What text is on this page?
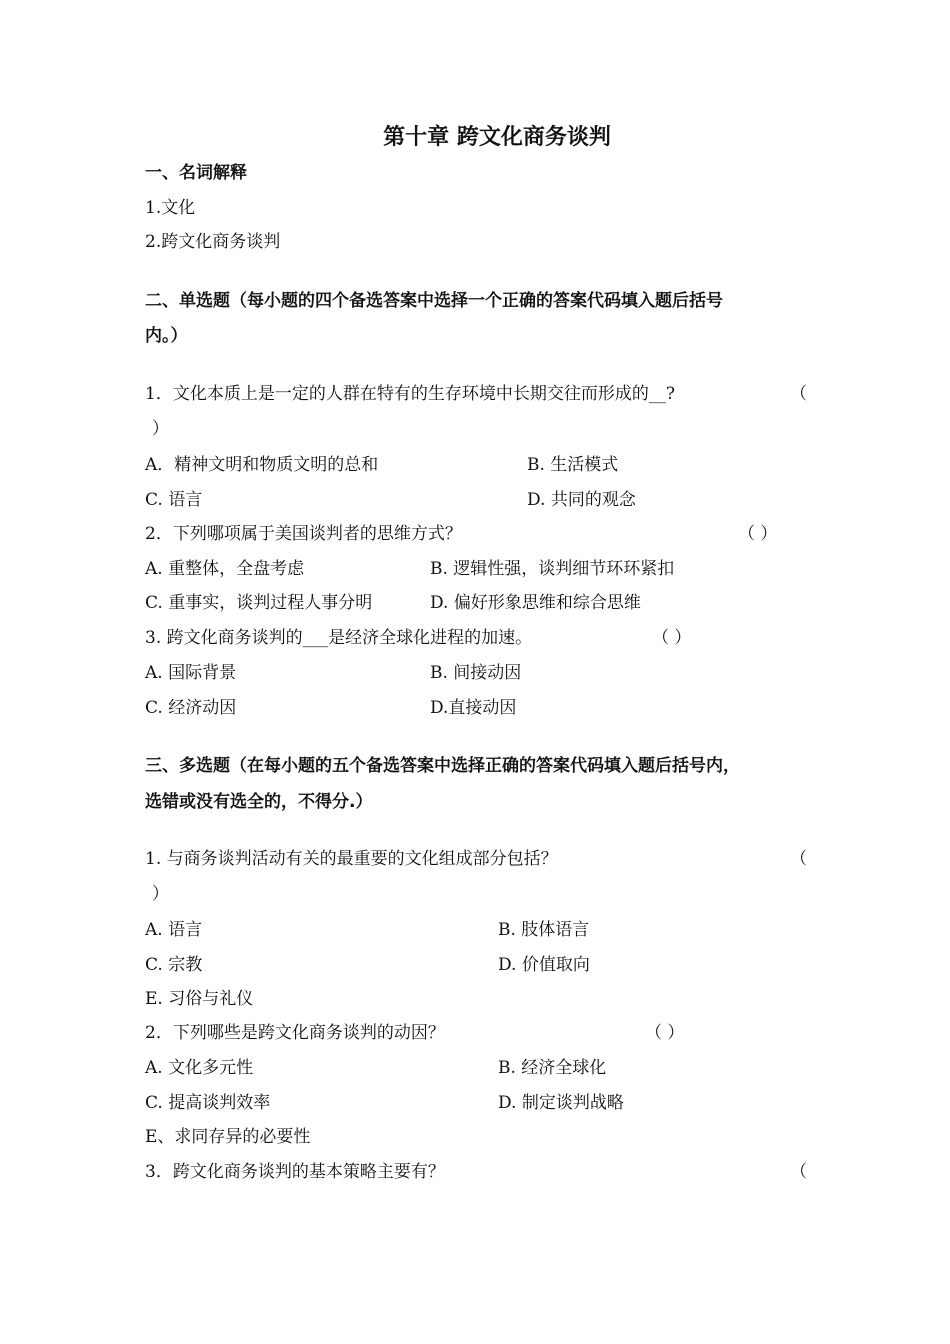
第十章 跨文化商务谈判
一、名词解释
1.文化
2.跨文化商务谈判
二、单选题（每小题的四个备选答案中选择一个正确的答案代码填入题后括号
内。）
1．文化本质上是一定的人群在特有的生存环境中长期交往而形成的__?	（
）
A．精神文明和物质文明的总和	B. 生活模式
C. 语言	D. 共同的观念
2．下列哪项属于美国谈判者的思维方式？	（ ）
A. 重整体，全盘考虑	B. 逻辑性强，谈判细节环环紧扣
C. 重事实，谈判过程人事分明	D. 偏好形象思维和综合思维
3. 跨文化商务谈判的___是经济全球化进程的加速。	（ ）
A. 国际背景	B. 间接动因
C. 经济动因	D.直接动因
三、多选题（在每小题的五个备选答案中选择正确的答案代码填入题后括号内，
选错或没有选全的，不得分.）
1. 与商务谈判活动有关的最重要的文化组成部分包括？	（
）
A. 语言	B. 肢体语言
C. 宗教	D. 价值取向
E. 习俗与礼仪
2．下列哪些是跨文化商务谈判的动因？	（ ）
A. 文化多元性	B. 经济全球化
C. 提高谈判效率	D. 制定谈判战略
E、求同存异的必要性
3．跨文化商务谈判的基本策略主要有？	（
